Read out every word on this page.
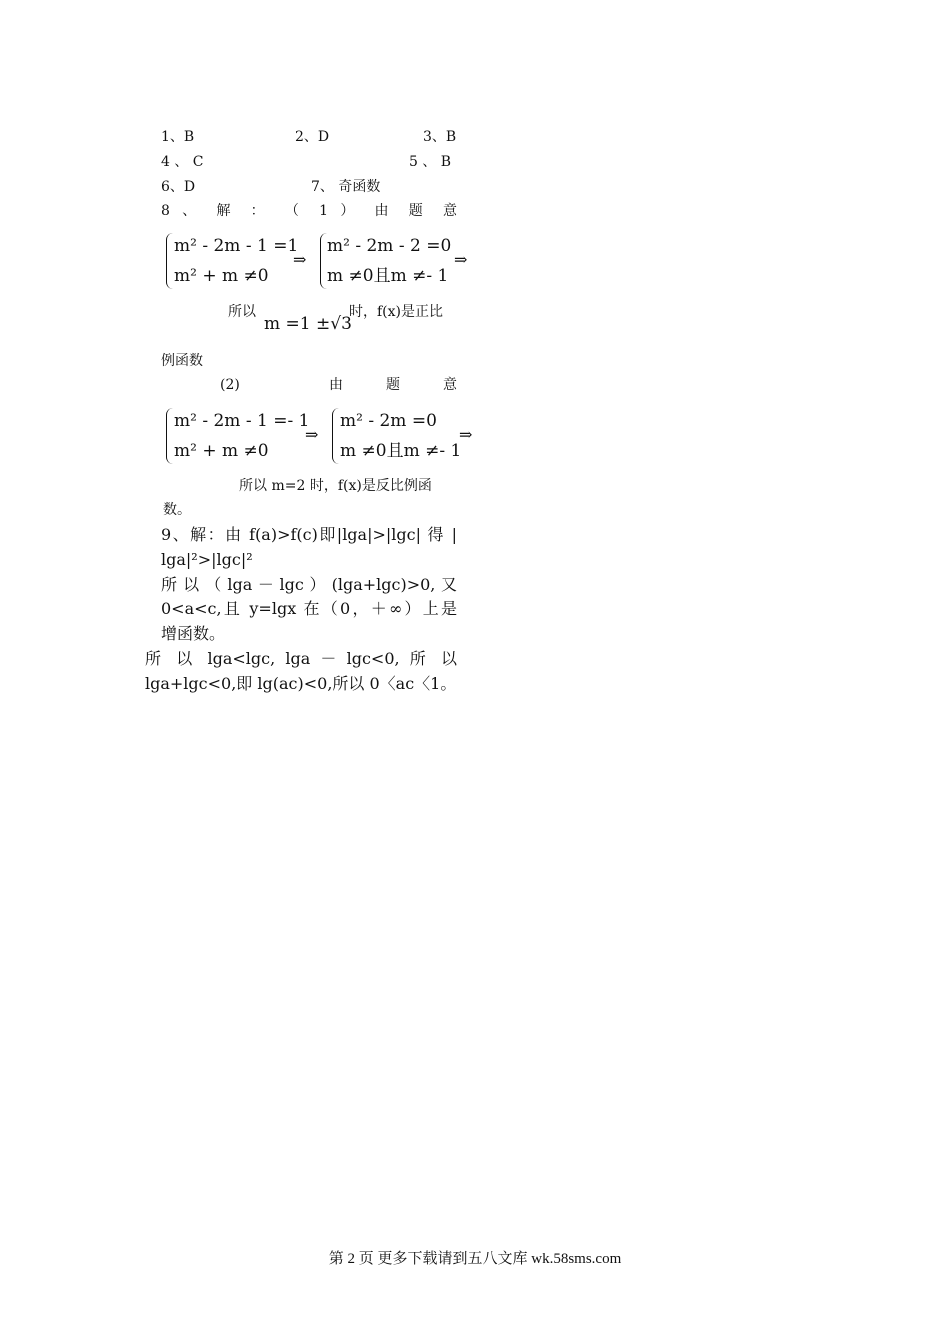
1、B	2、D	3、B
4 、 C	5 、 B
6、D	7、 奇函数
8 、 解 ： （ 1 ） 由 题 意
m² - 2m - 1 =1
m² + m ≠0
⇒
m² - 2m - 2 =0
m ≠0且m ≠- 1
⇒
所以
m =1 ±√3
时，f(x)是正比
例函数
(2)	由 题 意
m² - 2m - 1 =- 1
m² + m ≠0
⇒
m² - 2m =0
m ≠0且m ≠- 1
⇒
所以 m=2 时，f(x)是反比例函
数。
9、解：由 f(a)>f(c)即|lga|>|lgc| 得 |
lga|²>|lgc|²
所 以 （ lga － lgc ） (lga+lgc)>0, 又
0<a<c,且 y=lgx 在（0，＋∞）上是
增函数。
所 以 lga<lgc, lga － lgc<0, 所 以
lga+lgc<0,即 lg(ac)<0,所以 0〈ac〈1。
第 2 页 更多下载请到五八文库 wk.58sms.com
